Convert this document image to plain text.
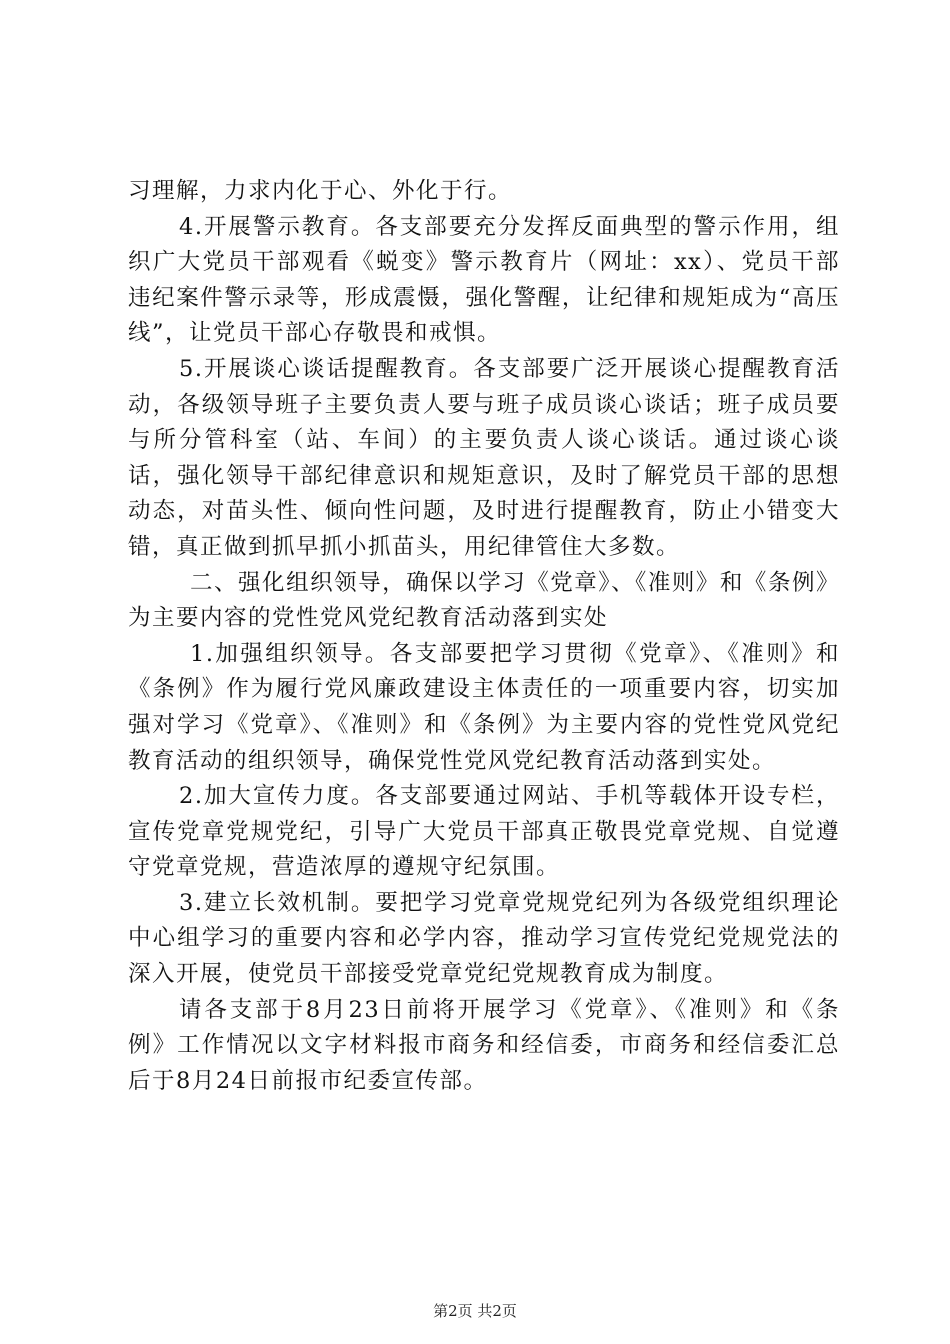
习理解，力求内化于心、外化于行。

4.开展警示教育。各支部要充分发挥反面典型的警示作用，组织广大党员干部观看《蜕变》警示教育片（网址：xx）、党员干部违纪案件警示录等，形成震慑，强化警醒，让纪律和规矩成为“高压线”，让党员干部心存敬畏和戒惧。

5.开展谈心谈话提醒教育。各支部要广泛开展谈心提醒教育活动，各级领导班子主要负责人要与班子成员谈心谈话；班子成员要与所分管科室（站、车间）的主要负责人谈心谈话。通过谈心谈话，强化领导干部纪律意识和规矩意识，及时了解党员干部的思想动态，对苗头性、倾向性问题，及时进行提醒教育，防止小错变大错，真正做到抓早抓小抓苗头，用纪律管住大多数。

二、强化组织领导，确保以学习《党章》、《准则》和《条例》为主要内容的党性党风党纪教育活动落到实处

1.加强组织领导。各支部要把学习贯彻《党章》、《准则》和《条例》作为履行党风廉政建设主体责任的一项重要内容，切实加强对学习《党章》、《准则》和《条例》为主要内容的党性党风党纪教育活动的组织领导，确保党性党风党纪教育活动落到实处。

2.加大宣传力度。各支部要通过网站、手机等载体开设专栏，宣传党章党规党纪，引导广大党员干部真正敬畏党章党规、自觉遵守党章党规，营造浓厚的遵规守纪氛围。

3.建立长效机制。要把学习党章党规党纪列为各级党组织理论中心组学习的重要内容和必学内容，推动学习宣传党纪党规党法的深入开展，使党员干部接受党章党纪党规教育成为制度。

请各支部于8月23日前将开展学习《党章》、《准则》和《条例》工作情况以文字材料报市商务和经信委，市商务和经信委汇总后于8月24日前报市纪委宣传部。

第2页 共2页
